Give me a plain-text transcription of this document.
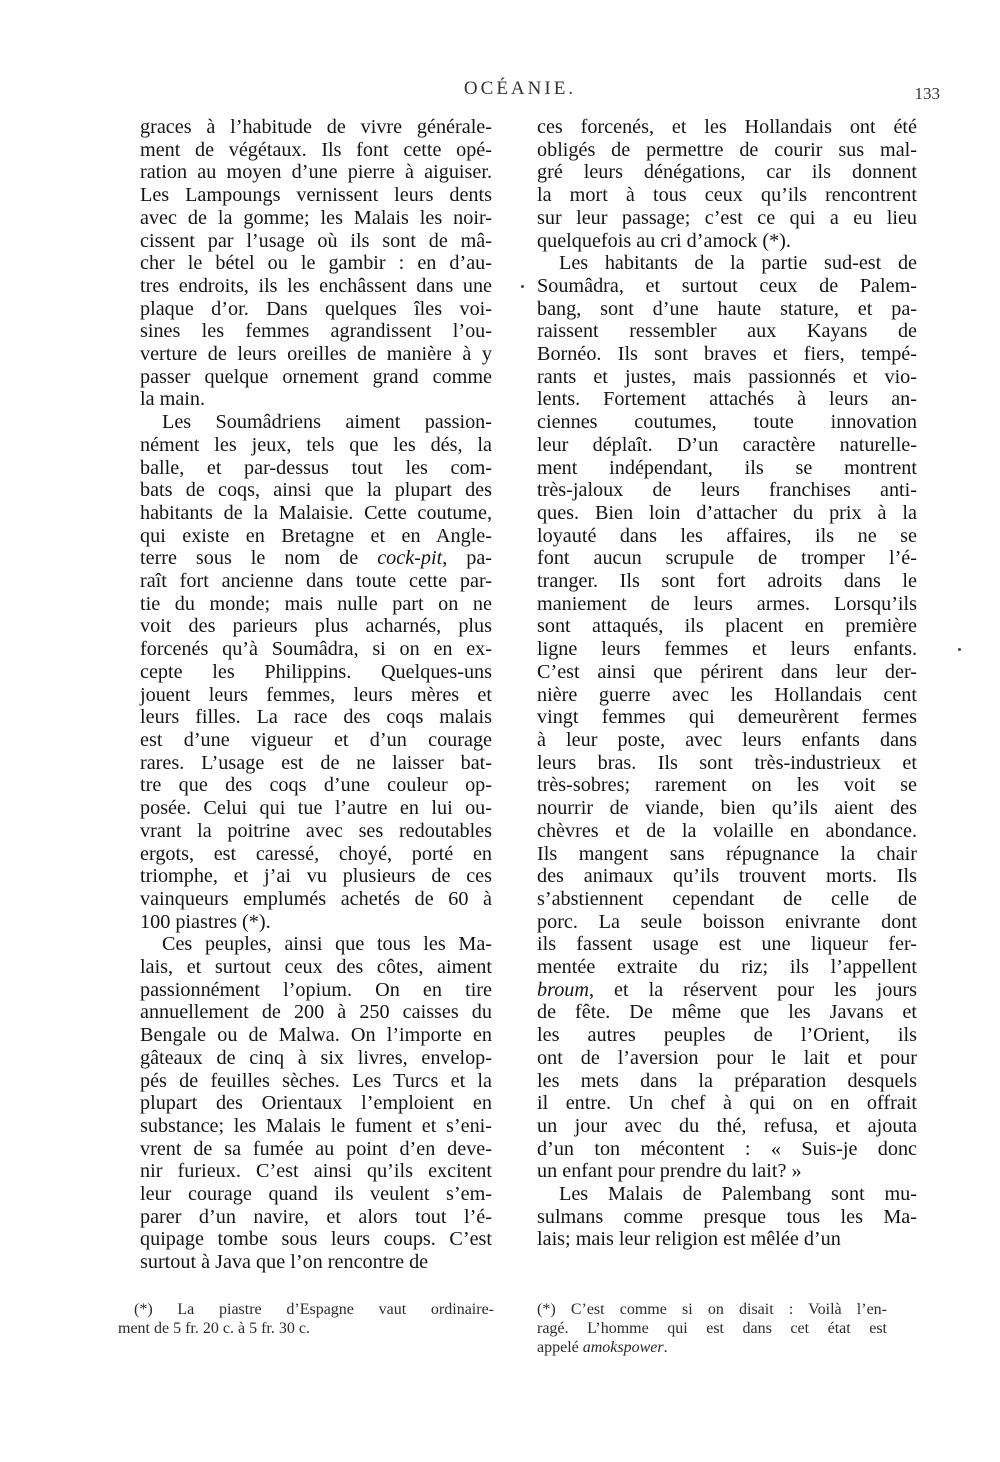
OCÉANIE.	133
graces à l’habitude de vivre générale-
ment de végétaux. Ils font cette opé-
ration au moyen d’une pierre à aiguiser.
Les Lampoungs vernissent leurs dents
avec de la gomme; les Malais les noir-
cissent par l’usage où ils sont de mâ-
cher le bétel ou le gambir : en d’au-
tres endroits, ils les enchâssent dans une
plaque d’or. Dans quelques îles voi-
sines les femmes agrandissent l’ou-
verture de leurs oreilles de manière à y
passer quelque ornement grand comme
la main.
Les Soumâdriens aiment passion-
nément les jeux, tels que les dés, la
balle, et par-dessus tout les com-
bats de coqs, ainsi que la plupart des
habitants de la Malaisie. Cette coutume,
qui existe en Bretagne et en Angle-
terre sous le nom de cock-pit, pa-
raît fort ancienne dans toute cette par-
tie du monde; mais nulle part on ne
voit des parieurs plus acharnés, plus
forcenés qu’à Soumâdra, si on en ex-
cepte les Philippins. Quelques-uns
jouent leurs femmes, leurs mères et
leurs filles. La race des coqs malais
est d’une vigueur et d’un courage
rares. L’usage est de ne laisser bat-
tre que des coqs d’une couleur op-
posée. Celui qui tue l’autre en lui ou-
vrant la poitrine avec ses redoutables
ergots, est caressé, choyé, porté en
triomphe, et j’ai vu plusieurs de ces
vainqueurs emplumés achetés de 60 à
100 piastres (*).
Ces peuples, ainsi que tous les Ma-
lais, et surtout ceux des côtes, aiment
passionnément l’opium. On en tire
annuellement de 200 à 250 caisses du
Bengale ou de Malwa. On l’importe en
gâteaux de cinq à six livres, envelop-
pés de feuilles sèches. Les Turcs et la
plupart des Orientaux l’emploient en
substance; les Malais le fument et s’eni-
vrent de sa fumée au point d’en deve-
nir furieux. C’est ainsi qu’ils excitent
leur courage quand ils veulent s’em-
parer d’un navire, et alors tout l’é-
quipage tombe sous leurs coups. C’est
surtout à Java que l’on rencontre de
ces forcenés, et les Hollandais ont été
obligés de permettre de courir sus mal-
gré leurs dénégations, car ils donnent
la mort à tous ceux qu’ils rencontrent
sur leur passage; c’est ce qui a eu lieu
quelquefois au cri d’amock (*).
Les habitants de la partie sud-est de
Soumâdra, et surtout ceux de Palem-
bang, sont d’une haute stature, et pa-
raissent ressembler aux Kayans de
Bornéo. Ils sont braves et fiers, tempé-
rants et justes, mais passionnés et vio-
lents. Fortement attachés à leurs an-
ciennes coutumes, toute innovation
leur déplaît. D’un caractère naturelle-
ment indépendant, ils se montrent
très-jaloux de leurs franchises anti-
ques. Bien loin d’attacher du prix à la
loyauté dans les affaires, ils ne se
font aucun scrupule de tromper l’é-
tranger. Ils sont fort adroits dans le
maniement de leurs armes. Lorsqu’ils
sont attaqués, ils placent en première
ligne leurs femmes et leurs enfants.
C’est ainsi que périrent dans leur der-
nière guerre avec les Hollandais cent
vingt femmes qui demeurèrent fermes
à leur poste, avec leurs enfants dans
leurs bras. Ils sont très-industrieux et
très-sobres; rarement on les voit se
nourrir de viande, bien qu’ils aient des
chèvres et de la volaille en abondance.
Ils mangent sans répugnance la chair
des animaux qu’ils trouvent morts. Ils
s’abstiennent cependant de celle de
porc. La seule boisson enivrante dont
ils fassent usage est une liqueur fer-
mentée extraite du riz; ils l’appellent
broum, et la réservent pour les jours
de fête. De même que les Javans et
les autres peuples de l’Orient, ils
ont de l’aversion pour le lait et pour
les mets dans la préparation desquels
il entre. Un chef à qui on en offrait
un jour avec du thé, refusa, et ajouta
d’un ton mécontent : « Suis-je donc
un enfant pour prendre du lait? »
Les Malais de Palembang sont mu-
sulmans comme presque tous les Ma-
lais; mais leur religion est mêlée d’un
(*) La piastre d’Espagne vaut ordinaire-
ment de 5 fr. 20 c. à 5 fr. 30 c.
(*) C’est comme si on disait : Voilà l’en-
ragé. L’homme qui est dans cet état est
appelé amokspower.
